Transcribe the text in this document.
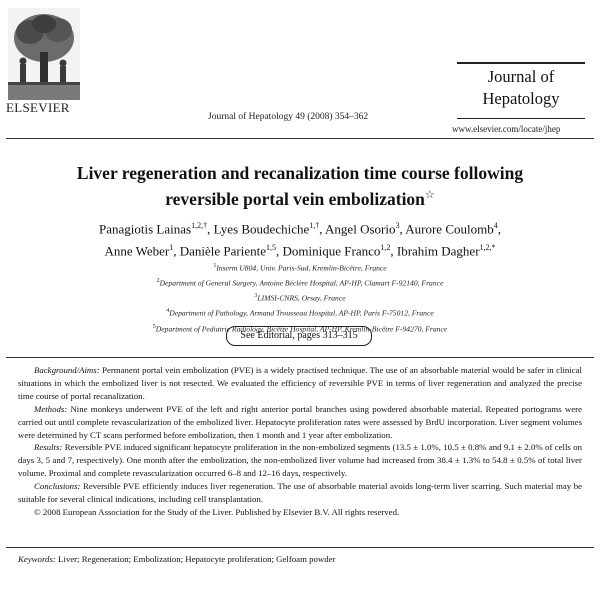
ELSEVIER
Journal of Hepatology 49 (2008) 354–362
Journal of
Hepatology
www.elsevier.com/locate/jhep
Liver regeneration and recanalization time course following
reversible portal vein embolization☆
Panagiotis Lainas$^{1,2,\dagger}$, Lyes Boudechiche$^{1,\dagger}$, Angel Osorio$^3$, Aurore Coulomb$^4$,
Anne Weber$^1$, Danièle Pariente$^{1,5}$, Dominique Franco$^{1,2}$, Ibrahim Dagher$^{1,2,*}$
$^1$Inserm U804, Univ. Paris-Sud, Kremlin-Bicêtre, France
$^2$Department of General Surgery, Antoine Béclère Hospital, AP-HP, Clamart F-92140, France
$^3$LIMSI-CNRS, Orsay, France
$^4$Department of Pathology, Armand Trousseau Hospital, AP-HP, Paris F-75012, France
$^5$Department of Pediatric Radiology, Bicêtre Hospital, AP-HP, Kremlin-Bicêtre F-94270, France
See Editorial, pages 313–315

Background/Aims: Permanent portal vein embolization (PVE) is a widely practised technique. The use of an absorbable material would be safer in clinical situations in which the embolized liver is not resected. We evaluated the efficiency of reversible PVE in terms of liver regeneration and analyzed the precise time course of portal recanalization.

Methods: Nine monkeys underwent PVE of the left and right anterior portal branches using powdered absorbable material. Repeated portograms were carried out until complete revascularization of the embolized liver. Hepatocyte proliferation rates were assessed by BrdU incorporation. Liver segment volumes were determined by CT scans performed before embolization, then 1 month and 1 year after embolization.

Results: Reversible PVE induced significant hepatocyte proliferation in the non-embolized segments (13.5 ± 1.0%, 10.5 ± 0.8% and 9.1 ± 2.0% of cells on days 3, 5 and 7, respectively). One month after the embolization, the non-embolized liver volume had increased from 38.4 ± 1.3% to 54.8 ± 0.5% of total liver volume. Proximal and complete revascularization occurred 6–8 and 12–16 days, respectively.

Conclusions: Reversible PVE efficiently induces liver regeneration. The use of absorbable material avoids long-term liver scarring. Such material may be suitable for several clinical indications, including cell transplantation.

© 2008 European Association for the Study of the Liver. Published by Elsevier B.V. All rights reserved.

Keywords: Liver; Regeneration; Embolization; Hepatocyte proliferation; Gelfoam powder
